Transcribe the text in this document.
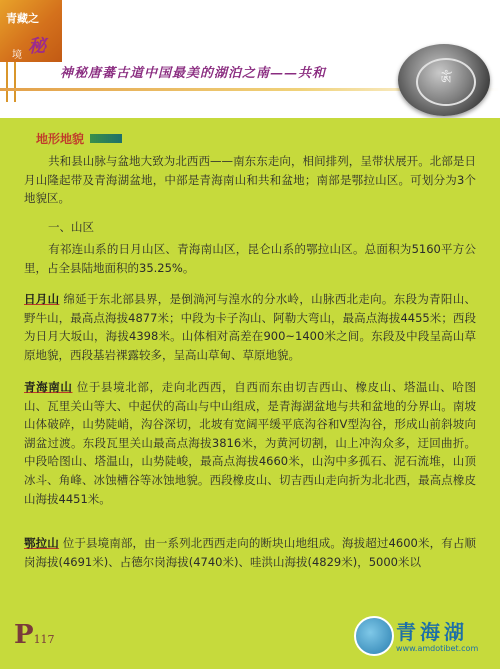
青藏之
秘
境
神秘唐蕃古道中国最美的湖泊之南——共和
ཨོཾ
地形地貌

共和县山脉与盆地大致为北西西——南东东走向，相间排列，呈带状展开。北部是日月山隆起带及青海湖盆地，中部是青海南山和共和盆地；南部是鄂拉山区。可划分为3个地貌区。

一、山区

有祁连山系的日月山区、青海南山区，昆仑山系的鄂拉山区。总面积为5160平方公里，占全县陆地面积的35.25%。

日月山 绵延于东北部县界，是倒淌河与湟水的分水岭，山脉西北走向。东段为青阳山、野牛山，最高点海拔4877米；中段为卡子沟山、阿勒大弯山，最高点海拔4455米；西段为日月大坂山，海拔4398米。山体相对高差在900~1400米之间。东段及中段呈高山草原地貌，西段基岩裸露较多，呈高山草甸、草原地貌。

青海南山 位于县境北部，走向北西西，自西而东由切吉西山、橡皮山、塔温山、哈图山、瓦里关山等大、中起伏的高山与中山组成，是青海湖盆地与共和盆地的分界山。南坡山体破碎，山势陡峭，沟谷深切，北坡有宽阔平缓平底沟谷和V型沟谷，形成山前斜坡向湖盆过渡。东段瓦里关山最高点海拔3816米，为黄河切割，山上冲沟众多，迂回曲折。中段哈图山、塔温山，山势陡峻，最高点海拔4660米，山沟中多孤石、泥石流堆，山顶冰斗、角峰、冰蚀槽谷等冰蚀地貌。西段橡皮山、切吉西山走向折为北北西，最高点橡皮山海拔4451米。

鄂拉山 位于县境南部，由一系列北西西走向的断块山地组成。海拔超过4600米，有占顺岗海拔(4691米)、占德尔岗海拔(4740米)、哇洪山海拔(4829米)，5000米以

P117	青海湖
www.amdotibet.com
